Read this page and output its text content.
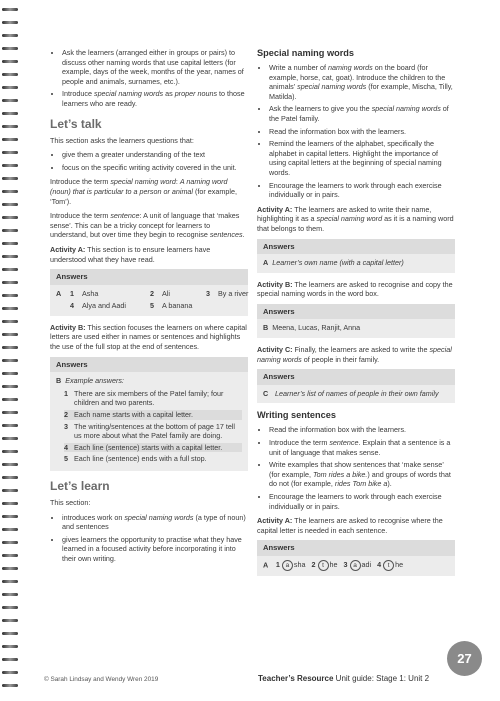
• Ask the learners (arranged either in groups or pairs) to discuss other naming words that use capital letters (for example, days of the week, months of the year, names of people and animals, surnames, etc.).
• Introduce special naming words as proper nouns to those learners who are ready.
Let’s talk

This section asks the learners questions that:

• give them a greater understanding of the text
• focus on the specific writing activity covered in the unit.

Introduce the term special naming word: A naming word (noun) that is particular to a person or animal (for example, ‘Tom’).

Introduce the term sentence: A unit of language that ‘makes sense’. This can be a tricky concept for learners to understand, but over time they begin to recognise sentences.

Activity A: This section is to ensure learners have understood what they have read.

Answers
A	1	Asha	2	Ali	3	By a river
4	Alya and Aadi	5	A banana

Activity B: This section focuses the learners on where capital letters are used either in names or sentences and highlights the use of the full stop at the end of sentences.

Answers
B Example answers:
1 There are six members of the Patel family; four children and two parents.
2 Each name starts with a capital letter.
3 The writing/sentences at the bottom of page 17 tell us more about what the Patel family are doing.
4 Each line (sentence) starts with a capital letter.
5 Each line (sentence) ends with a full stop.
Let’s learn

This section:

• introduces work on special naming words (a type of noun) and sentences
• gives learners the opportunity to practise what they have learned in a focused activity before incorporating it into their own writing.
Special naming words
• Write a number of naming words on the board (for example, horse, cat, goat). Introduce the children to the animals’ special naming words (for example, Mischa, Tilly, Matilda).
• Ask the learners to give you the special naming words of the Patel family.
• Read the information box with the learners.
• Remind the learners of the alphabet, specifically the alphabet in capital letters. Highlight the importance of using capital letters at the beginning of special naming words.
• Encourage the learners to work through each exercise individually or in pairs.

Activity A: The learners are asked to write their name, highlighting it as a special naming word as it is a naming word that belongs to them.

Answers
A Learner’s own name (with a capital letter)

Activity B: The learners are asked to recognise and copy the special naming words in the word box.

Answers
B Meena, Lucas, Ranjit, Anna

Activity C: Finally, the learners are asked to write the special naming words of people in their family.

Answers
C Learner’s list of names of people in their own family
Writing sentences
• Read the information box with the learners.
• Introduce the term sentence. Explain that a sentence is a unit of language that makes sense.
• Write examples that show sentences that ‘make sense’ (for example, Tom rides a bike.) and groups of words that do not (for example, rides Tom bike a).
• Encourage the learners to work through each exercise individually or in pairs.

Activity A: The learners are asked to recognise where the capital letter is needed in each sentence.

Answers
A 1 a sha 2 t he 3 a adi 4 t he
© Sarah Lindsay and Wendy Wren 2019	Teacher’s Resource Unit guide: Stage 1: Unit 2
27
